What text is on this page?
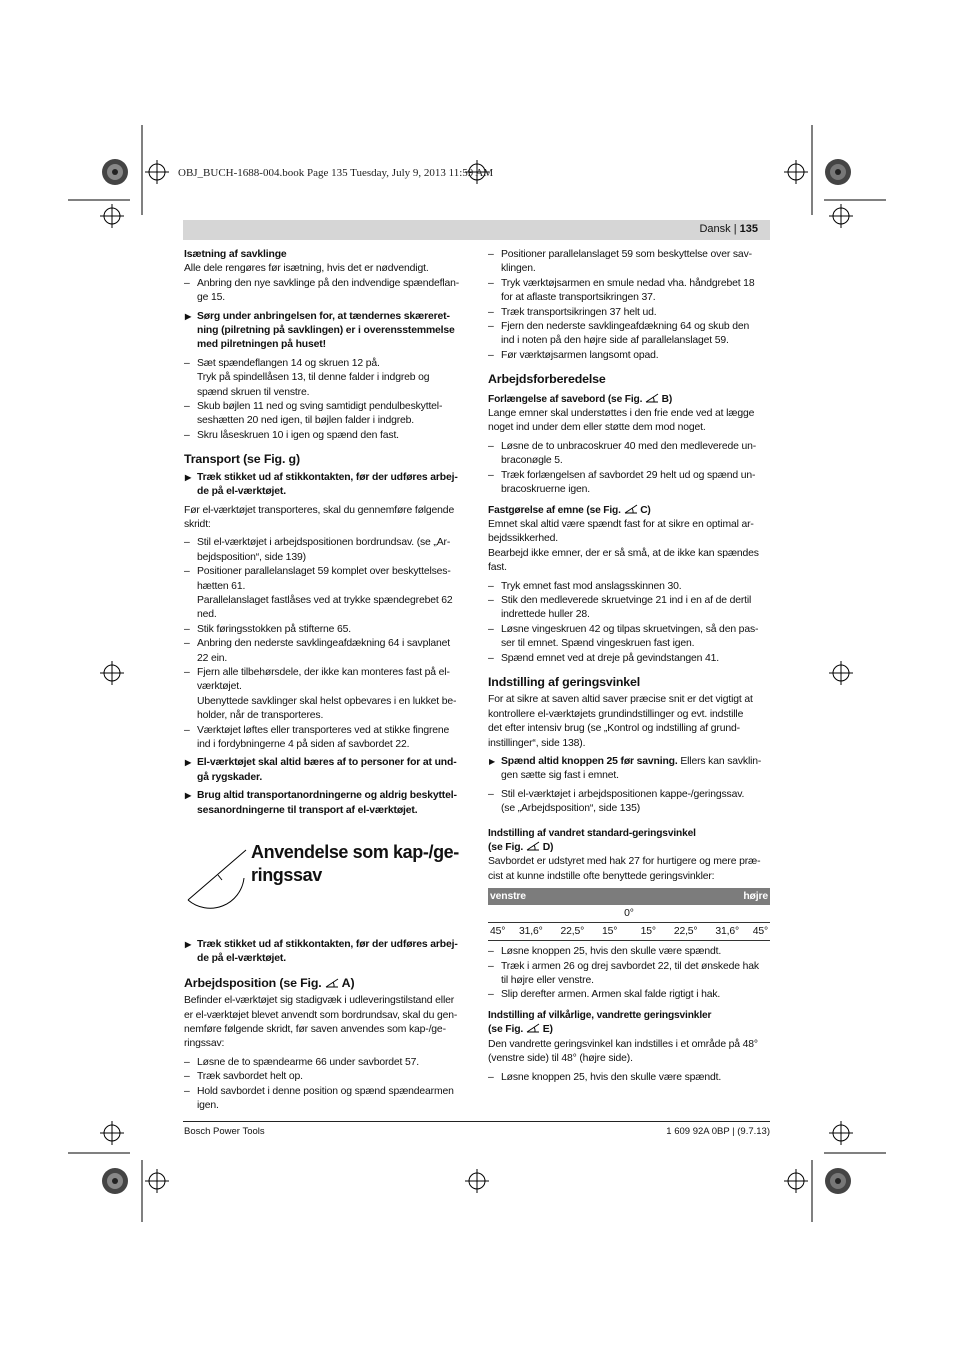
OBJ_BUCH-1688-004.book Page 135 Tuesday, July 9, 2013 11:59 AM
Dansk | 135

Isætning af savklinge

Alle dele rengøres før isætning, hvis det er nødvendigt.

– Anbring den nye savklinge på den indvendige spændeflan-

ge 15.

▶ Sørg under anbringelsen for, at tændernes skæreret-

ning (pilretning på savklingen) er i overensstemmelse

med pilretningen på huset!

– Sæt spændeflangen 14 og skruen 12 på.

Tryk på spindellåsen 13, til denne falder i indgreb og

spænd skruen til venstre.

– Skub bøjlen 11 ned og sving samtidigt pendulbeskyttel-

seshætten 20 ned igen, til bøjlen falder i indgreb.

– Skru låseskruen 10 i igen og spænd den fast.

Transport (se Fig. g)

▶ Træk stikket ud af stikkontakten, før der udføres arbej-

de på el-værktøjet.

Før el-værktøjet transporteres, skal du gennemføre følgende

skridt:

– Stil el-værktøjet i arbejdspositionen bordrundsav. (se „Ar-

bejdsposition“, side 139)

– Positioner parallelanslaget 59 komplet over beskyttelses-

hætten 61.

Parallelanslaget fastlåses ved at trykke spændegrebet 62

ned.

– Stik føringsstokken på stifterne 65.

– Anbring den nederste savklingeafdækning 64 i savplanet

22 ein.

– Fjern alle tilbehørsdele, der ikke kan monteres fast på el-

værktøjet.

Ubenyttede savklinger skal helst opbevares i en lukket be-

holder, når de transporteres.

– Værktøjet løftes eller transporteres ved at stikke fingrene

ind i fordybningerne 4 på siden af savbordet 22.

▶ El-værktøjet skal altid bæres af to personer for at und-

gå rygskader.

▶ Brug altid transportanordningerne og aldrig beskyttel-

sesanordningerne til transport af el-værktøjet.

Anvendelse som kap-/ge-
ringssav
▶ Træk stikket ud af stikkontakten, før der udføres arbej-

de på el-værktøjet.

Arbejdsposition (se Fig. A)

Befinder el-værktøjet sig stadigvæk i udleveringstilstand eller

er el-værktøjet blevet anvendt som bordrundsav, skal du gen-

nemføre følgende skridt, før saven anvendes som kap-/ge-

ringssav:

– Løsne de to spændearme 66 under savbordet 57.

– Træk savbordet helt op.

– Hold savbordet i denne position og spænd spændearmen

igen.

– Positioner parallelanslaget 59 som beskyttelse over sav-

klingen.

– Tryk værktøjsarmen en smule nedad vha. håndgrebet 18

for at aflaste transportsikringen 37.

– Træk transportsikringen 37 helt ud.

– Fjern den nederste savklingeafdækning 64 og skub den

ind i noten på den højre side af parallelanslaget 59.

– Før værktøjsarmen langsomt opad.

Arbejdsforberedelse

Forlængelse af savebord (se Fig. B)

Lange emner skal understøttes i den frie ende ved at lægge

noget ind under dem eller støtte dem mod noget.

– Løsne de to unbracoskruer 40 med den medleverede un-

braconøgle 5.

– Træk forlængelsen af savbordet 29 helt ud og spænd un-

bracoskruerne igen.

Fastgørelse af emne (se Fig. C)

Emnet skal altid være spændt fast for at sikre en optimal ar-

bejdssikkerhed.

Bearbejd ikke emner, der er så små, at de ikke kan spændes

fast.

– Tryk emnet fast mod anslagsskinnen 30.

– Stik den medleverede skruetvinge 21 ind i en af de dertil

indrettede huller 28.

– Løsne vingeskruen 42 og tilpas skruetvingen, så den pas-

ser til emnet. Spænd vingeskruen fast igen.

– Spænd emnet ved at dreje på gevindstangen 41.

Indstilling af geringsvinkel

For at sikre at saven altid saver præcise snit er det vigtigt at

kontrollere el-værktøjets grundindstillinger og evt. indstille

det efter intensiv brug (se „Kontrol og indstilling af grund-

instillinger“, side 138).

▶ Spænd altid knoppen 25 før savning. Ellers kan savklin-

gen sætte sig fast i emnet.

– Stil el-værktøjet i arbejdspositionen kappe-/geringssav.

(se „Arbejdsposition“, side 135)

Indstilling af vandret standard-geringsvinkel

(se Fig. D)

Savbordet er udstyret med hak 27 for hurtigere og mere præ-

cist at kunne indstille ofte benyttede geringsvinkler:

venstre				højre			
0°							
45°	31,6°	22,5°	15°	15°	22,5°	31,6°	45°
– Løsne knoppen 25, hvis den skulle være spændt.

– Træk i armen 26 og drej savbordet 22, til det ønskede hak

til højre eller venstre.

– Slip derefter armen. Armen skal falde rigtigt i hak.

Indstilling af vilkårlige, vandrette geringsvinkler

(se Fig. E)

Den vandrette geringsvinkel kan indstilles i et område på 48°

(venstre side) til 48° (højre side).

– Løsne knoppen 25, hvis den skulle være spændt.

Bosch Power Tools	1 609 92A 0BP | (9.7.13)
